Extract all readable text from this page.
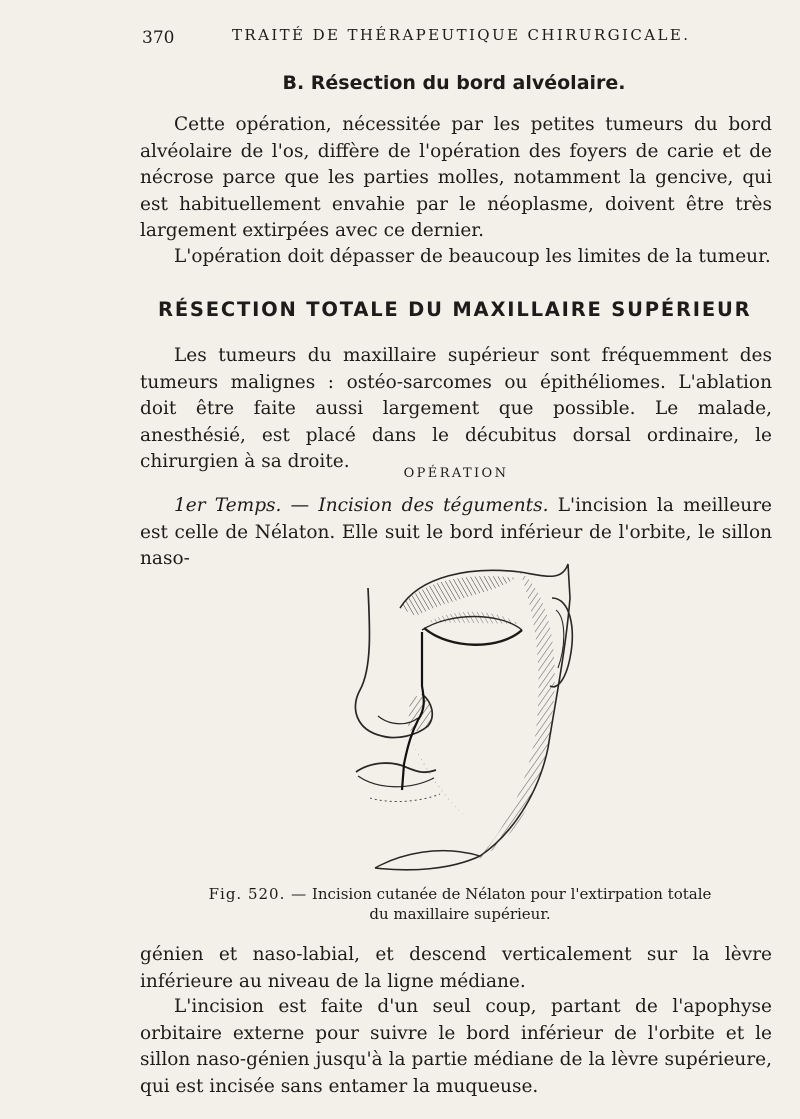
370	TRAITÉ DE THÉRAPEUTIQUE CHIRURGICALE.
B. Résection du bord alvéolaire.

Cette opération, nécessitée par les petites tumeurs du bord alvéolaire de l'os, diffère de l'opération des foyers de carie et de nécrose parce que les parties molles, notamment la gencive, qui est habituellement envahie par le néoplasme, doivent être très largement extirpées avec ce dernier.

L'opération doit dépasser de beaucoup les limites de la tumeur.

RÉSECTION TOTALE DU MAXILLAIRE SUPÉRIEUR

Les tumeurs du maxillaire supérieur sont fréquemment des tumeurs malignes : ostéo-sarcomes ou épithéliomes. L'ablation doit être faite aussi largement que possible. Le malade, anesthésié, est placé dans le décubitus dorsal ordinaire, le chirurgien à sa droite.

OPÉRATION

1er Temps. — Incision des téguments. L'incision la meilleure est celle de Nélaton. Elle suit le bord inférieur de l'orbite, le sillon naso-

Fig. 520. — Incision cutanée de Nélaton pour l'extirpation totale du maxillaire supérieur.

génien et naso-labial, et descend verticalement sur la lèvre inférieure au niveau de la ligne médiane.

L'incision est faite d'un seul coup, partant de l'apophyse orbitaire externe pour suivre le bord inférieur de l'orbite et le sillon naso-génien jusqu'à la partie médiane de la lèvre supérieure, qui est incisée sans entamer la muqueuse.
